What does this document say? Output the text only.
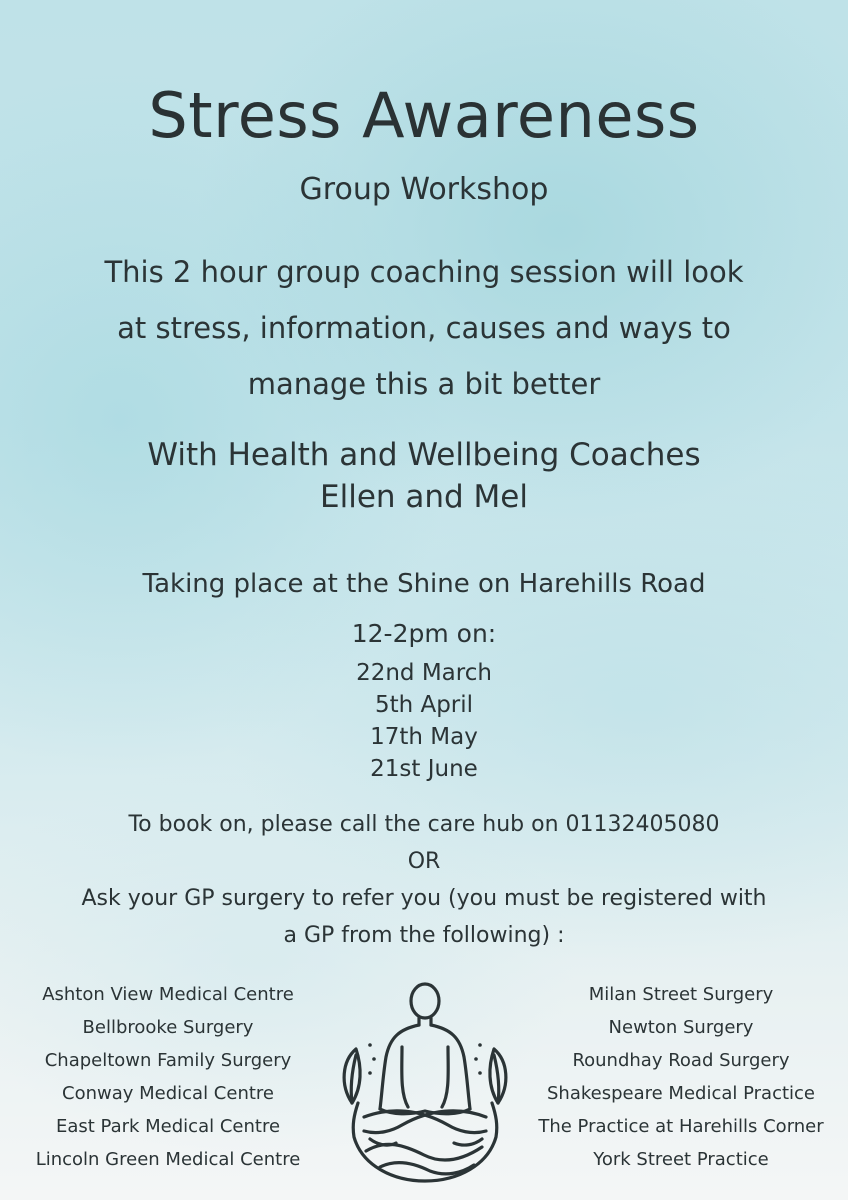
Stress Awareness
Group Workshop
This 2 hour group coaching session will look
at stress, information, causes and ways to
manage this a bit better
With Health and Wellbeing Coaches
Ellen and Mel
Taking place at the Shine on Harehills Road
12-2pm on:
22nd March
5th April
17th May
21st June
To book on, please call the care hub on 01132405080
OR
Ask your GP surgery to refer you (you must be registered with
a GP from the following) :
Ashton View Medical Centre
Bellbrooke Surgery
Chapeltown Family Surgery
Conway Medical Centre
East Park Medical Centre
Lincoln Green Medical Centre
Milan Street Surgery
Newton Surgery
Roundhay Road Surgery
Shakespeare Medical Practice
The Practice at Harehills Corner
York Street Practice
